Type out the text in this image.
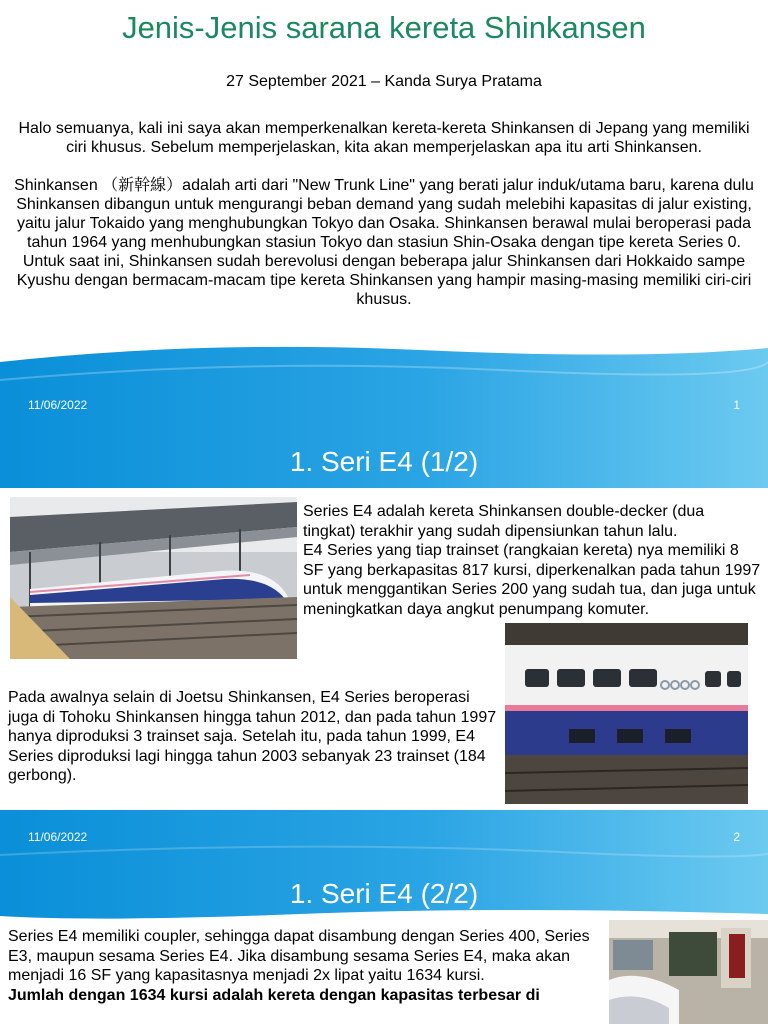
Jenis-Jenis sarana kereta Shinkansen
27 September 2021 – Kanda Surya Pratama

Halo semuanya, kali ini saya akan memperkenalkan kereta-kereta Shinkansen di Jepang yang memiliki ciri khusus. Sebelum memperjelaskan, kita akan memperjelaskan apa itu arti Shinkansen.

Shinkansen （新幹線）adalah arti dari "New Trunk Line" yang berati jalur induk/utama baru, karena dulu Shinkansen dibangun untuk mengurangi beban demand yang sudah melebihi kapasitas di jalur existing, yaitu jalur Tokaido yang menghubungkan Tokyo dan Osaka. Shinkansen berawal mulai beroperasi pada tahun 1964 yang menhubungkan stasiun Tokyo dan stasiun Shin-Osaka dengan tipe kereta Series 0. Untuk saat ini, Shinkansen sudah berevolusi dengan beberapa jalur Shinkansen dari Hokkaido sampe Kyushu dengan bermacam-macam tipe kereta Shinkansen yang hampir masing-masing memiliki ciri-ciri khusus.

11/06/2022	1
1. Seri E4 (1/2)
Series E4 adalah kereta Shinkansen double-decker (dua tingkat) terakhir yang sudah dipensiunkan tahun lalu.
E4 Series yang tiap trainset (rangkaian kereta) nya memiliki 8 SF yang berkapasitas 817 kursi, diperkenalkan pada tahun 1997 untuk menggantikan Series 200 yang sudah tua, dan juga untuk meningkatkan daya angkut penumpang komuter.
Pada awalnya selain di Joetsu Shinkansen, E4 Series beroperasi juga di Tohoku Shinkansen hingga tahun 2012, dan pada tahun 1997 hanya diproduksi 3 trainset saja. Setelah itu, pada tahun 1999, E4 Series diproduksi lagi hingga tahun 2003 sebanyak 23 trainset (184 gerbong).
11/06/2022	2
1. Seri E4 (2/2)
Series E4 memiliki coupler, sehingga dapat disambung dengan Series 400, Series E3, maupun sesama Series E4. Jika disambung sesama Series E4, maka akan menjadi 16 SF yang kapasitasnya menjadi 2x lipat yaitu 1634 kursi.
Jumlah dengan 1634 kursi adalah kereta dengan kapasitas terbesar di
